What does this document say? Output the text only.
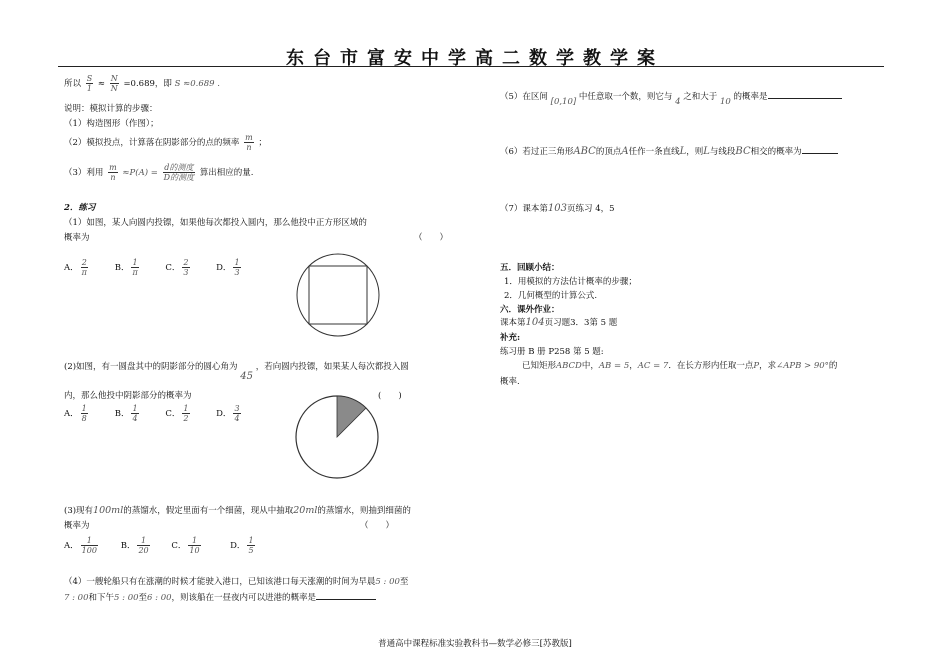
东台市富安中学高二数学教学案
所以 $\frac{S}{1} \approx \frac{N}{N} =0.689$，即 S ≈0.689 .
说明：模拟计算的步骤：
（1）构造图形（作图）；
（2）模拟投点，计算落在阴影部分的点的频率 $\frac{m}{n}$ ；
（3）利用 $\frac{m}{n} \approx P(A) = \frac{\text{d的测度}}{\text{D的测度}}$ 算出相应的量.
2．练习
（1）如图，某人向圆内投镖，如果他每次都投入圆内，那么他投中正方形区域的
概率为	（　　）
A． $\frac{2}{\pi}$	B． $\frac{1}{\pi}$	C． $\frac{2}{3}$	D． $\frac{1}{3}$
(2)如图，有一圆盘其中的阴影部分的圆心角为 45 ，若向圆内投镖，如果某人每次都投入圆
内，那么他投中阴影部分的概率为	(　　)
A． $\frac{1}{8}$	B． $\frac{1}{4}$	C． $\frac{1}{2}$	D． $\frac{3}{4}$
(3)现有100ml的蒸馏水，假定里面有一个细菌，现从中抽取20ml的蒸馏水，则抽到细菌的
概率为	（　　）
A． $\frac{1}{100}$	B． $\frac{1}{20}$	C． $\frac{1}{10}$	D． $\frac{1}{5}$
（4）一艘轮船只有在涨潮的时候才能驶入港口，已知该港口每天涨潮的时间为早晨5 : 00至
7 : 00和下午5 : 00至6 : 00，则该船在一昼夜内可以进港的概率是
（5）在区间 [0,10] 中任意取一个数，则它与 4 之和大于 10 的概率是
（6）若过正三角形ABC的顶点A任作一条直线L，则L与线段BC相交的概率为
（7）课本第103页练习 4，5
五．回顾小结：
1．用模拟的方法估计概率的步骤；
2．几何概型的计算公式.
六．课外作业：
课本第104页习题3．3第 5 题
补充:
练习册 B 册 P258 第 5 题:
已知矩形ABCD中，AB = 5，AC = 7．在长方形内任取一点P，求∠APB > 90°的
概率.
普通高中课程标准实验教科书—数学必修三[苏教版]
